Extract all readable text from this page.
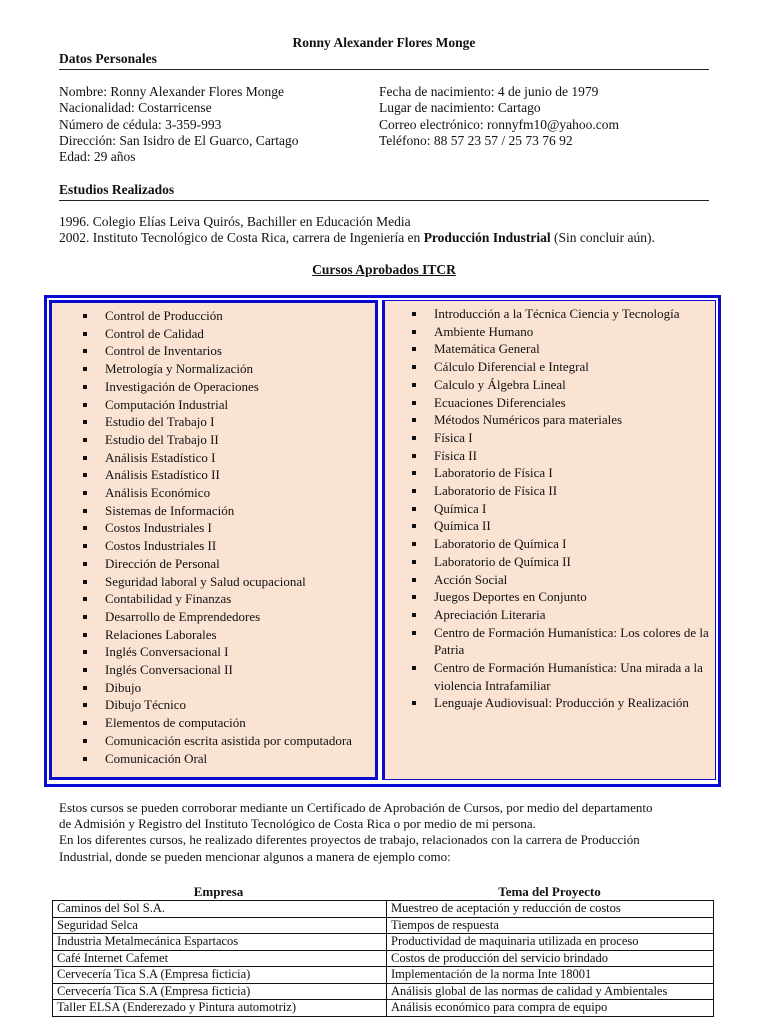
Ronny Alexander Flores Monge
Datos Personales
Nombre: Ronny Alexander Flores Monge
Nacionalidad: Costarricense
Número de cédula: 3-359-993
Dirección: San Isidro de El Guarco, Cartago
Edad: 29 años
Fecha de nacimiento: 4 de junio de 1979
Lugar de nacimiento: Cartago
Correo electrónico: ronnyfm10@yahoo.com
Teléfono: 88 57 23 57 / 25 73 76 92
Estudios Realizados
1996. Colegio Elías Leiva Quirós, Bachiller en Educación Media
2002. Instituto Tecnológico de Costa Rica, carrera de Ingeniería en Producción Industrial (Sin concluir aún).
Cursos Aprobados ITCR
Control de Producción
Control de Calidad
Control de Inventarios
Metrología y Normalización
Investigación de Operaciones
Computación Industrial
Estudio del Trabajo I
Estudio del Trabajo II
Análisis Estadístico I
Análisis Estadístico II
Análisis Económico
Sistemas de Información
Costos Industriales I
Costos Industriales II
Dirección de Personal
Seguridad laboral y Salud ocupacional
Contabilidad y Finanzas
Desarrollo de Emprendedores
Relaciones Laborales
Inglés Conversacional I
Inglés Conversacional II
Dibujo
Dibujo Técnico
Elementos de computación
Comunicación escrita asistida por computadora
Comunicación Oral
Introducción a la Técnica Ciencia y Tecnología
Ambiente Humano
Matemática General
Cálculo Diferencial e Integral
Calculo y Álgebra Lineal
Ecuaciones Diferenciales
Métodos Numéricos para materiales
Física I
Física II
Laboratorio de Física I
Laboratorio de Física II
Química I
Química II
Laboratorio de Química I
Laboratorio de Química II
Acción Social
Juegos Deportes en Conjunto
Apreciación Literaria
Centro de Formación Humanística: Los colores de la Patria
Centro de Formación Humanística: Una mirada a la violencia Intrafamiliar
Lenguaje Audiovisual: Producción y Realización
Estos cursos se pueden corroborar mediante un Certificado de Aprobación de Cursos, por medio del departamento
de Admisión y Registro del Instituto Tecnológico de Costa Rica o por medio de mi persona.
En los diferentes cursos, he realizado diferentes proyectos de trabajo, relacionados con la carrera de Producción
Industrial, donde se pueden mencionar algunos a manera de ejemplo como:
Empresa	Tema del Proyecto
Caminos del Sol S.A.	Muestreo de aceptación y reducción de costos
Seguridad Selca	Tiempos de respuesta
Industria Metalmecánica Espartacos	Productividad de maquinaria utilizada en proceso
Café Internet Cafemet	Costos de producción del servicio brindado
Cervecería Tica S.A (Empresa ficticia)	Implementación de la norma Inte 18001
Cervecería Tica S.A (Empresa ficticia)	Análisis global de las normas de calidad y Ambientales
Taller ELSA (Enderezado y Pintura automotriz)	Análisis económico para compra de equipo
